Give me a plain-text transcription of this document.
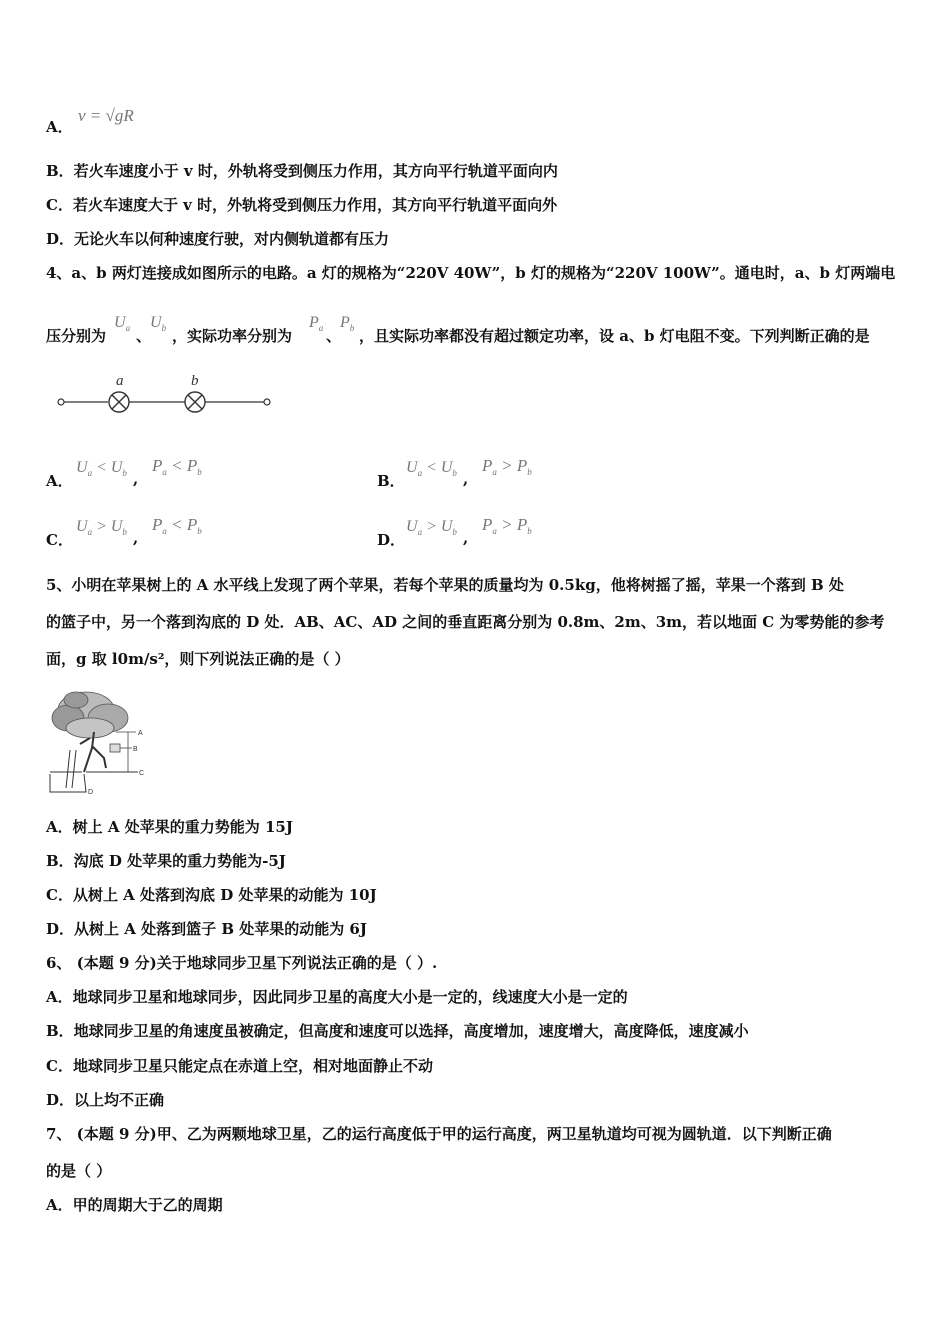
A．
v = √gR
B．若火车速度小于 v 时，外轨将受到侧压力作用，其方向平行轨道平面向内
C．若火车速度大于 v 时，外轨将受到侧压力作用，其方向平行轨道平面向外
D．无论火车以何种速度行驶，对内侧轨道都有压力
4、a、b 两灯连接成如图所示的电路。a 灯的规格为“220V 40W”，b 灯的规格为“220V 100W”。通电时，a、b 灯两端电
压分别为
$U_a$ 、
$U_b$ ，实际功率分别为
$P_a$ 、
$P_b$ ，且实际功率都没有超过额定功率，设 a、b 灯电阻不变。下列判断正确的是
a	b
A．
$U_a < U_b$ ,
$P_a < P_b$	B．
$U_a < U_b$ ,
$P_a > P_b$
C．
$U_a > U_b$ ,
$P_a < P_b$	D．
$U_a > U_b$ ,
$P_a > P_b$
5、小明在苹果树上的 A 水平线上发现了两个苹果，若每个苹果的质量均为 0.5kg，他将树摇了摇，苹果一个落到 B 处
的篮子中，另一个落到沟底的 D 处．AB、AC、AD 之间的垂直距离分别为 0.8m、2m、3m，若以地面 C 为零势能的参考
面，g 取 l0m/s²，则下列说法正确的是（ ）
A
B
C
D
A．树上 A 处苹果的重力势能为 15J
B．沟底 D 处苹果的重力势能为-5J
C．从树上 A 处落到沟底 D 处苹果的动能为 10J
D．从树上 A 处落到篮子 B 处苹果的动能为 6J
6、 (本题 9 分)关于地球同步卫星下列说法正确的是（ ）.
A．地球同步卫星和地球同步，因此同步卫星的高度大小是一定的，线速度大小是一定的
B．地球同步卫星的角速度虽被确定，但高度和速度可以选择，高度增加，速度增大，高度降低，速度减小
C．地球同步卫星只能定点在赤道上空，相对地面静止不动
D．以上均不正确
7、 (本题 9 分)甲、乙为两颗地球卫星，乙的运行高度低于甲的运行高度，两卫星轨道均可视为圆轨道．以下判断正确
的是（ ）
A．甲的周期大于乙的周期
